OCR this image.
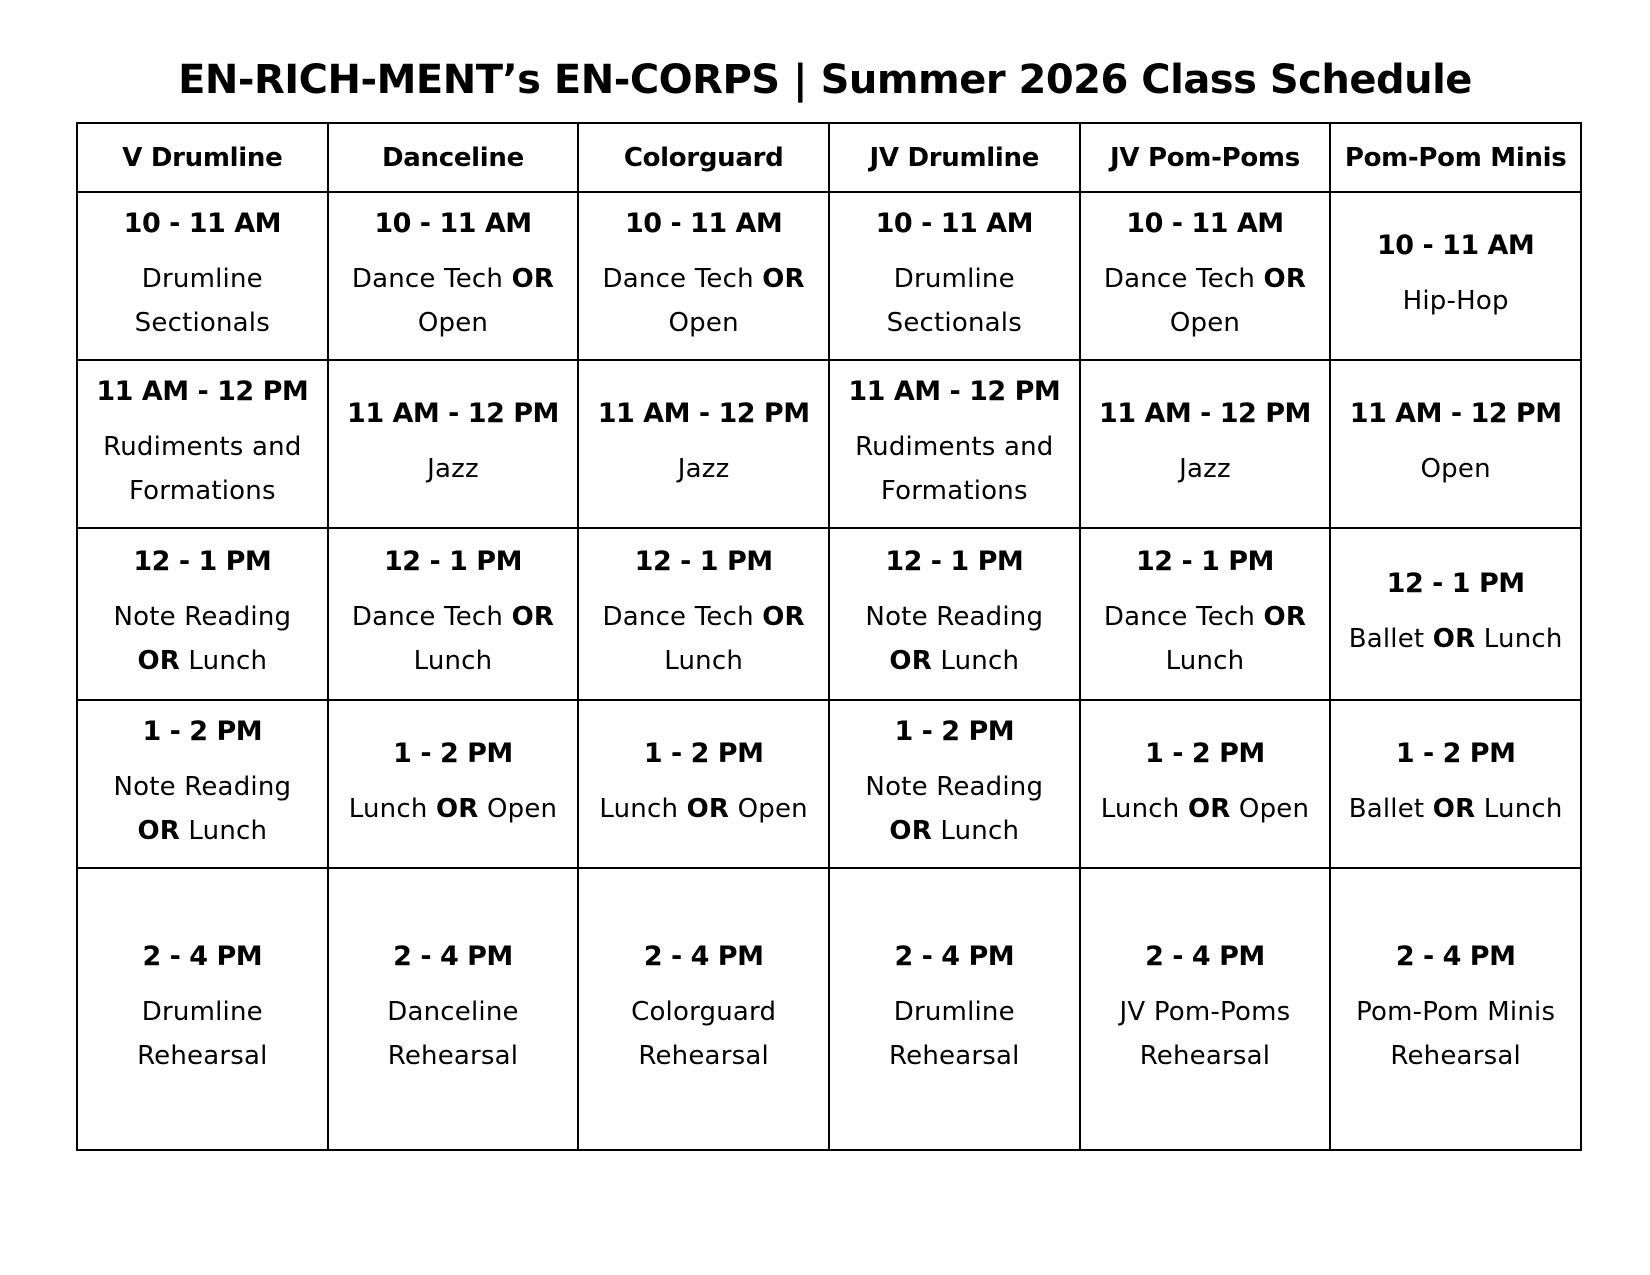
EN-RICH-MENT’s EN-CORPS | Summer 2026 Class Schedule
V Drumline	Danceline	Colorguard	JV Drumline	JV Pom-Poms	Pom-Pom Minis

10 - 11 AM
Drumline
Sectionals	10 - 11 AM
Dance Tech OR
Open	10 - 11 AM
Dance Tech OR
Open	10 - 11 AM
Drumline
Sectionals	10 - 11 AM
Dance Tech OR
Open	10 - 11 AM
Hip-Hop

11 AM - 12 PM
Rudiments and
Formations	11 AM - 12 PM
Jazz	11 AM - 12 PM
Jazz	11 AM - 12 PM
Rudiments and
Formations	11 AM - 12 PM
Jazz	11 AM - 12 PM
Open

12 - 1 PM
Note Reading
OR Lunch	12 - 1 PM
Dance Tech OR
Lunch	12 - 1 PM
Dance Tech OR
Lunch	12 - 1 PM
Note Reading
OR Lunch	12 - 1 PM
Dance Tech OR
Lunch	12 - 1 PM
Ballet OR Lunch

1 - 2 PM
Note Reading
OR Lunch	1 - 2 PM
Lunch OR Open	1 - 2 PM
Lunch OR Open	1 - 2 PM
Note Reading
OR Lunch	1 - 2 PM
Lunch OR Open	1 - 2 PM
Ballet OR Lunch

2 - 4 PM
Drumline
Rehearsal	2 - 4 PM
Danceline
Rehearsal	2 - 4 PM
Colorguard
Rehearsal	2 - 4 PM
Drumline
Rehearsal	2 - 4 PM
JV Pom-Poms
Rehearsal	2 - 4 PM
Pom-Pom Minis
Rehearsal
